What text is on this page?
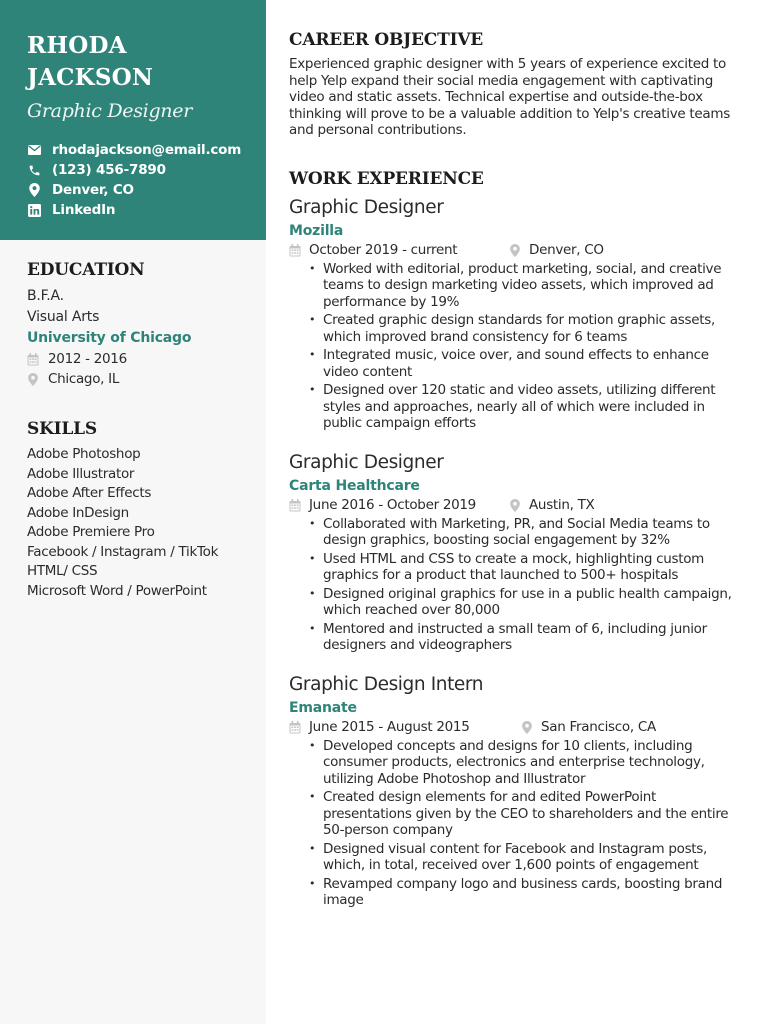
RHODA
JACKSON
Graphic Designer
rhodajackson@email.com
(123) 456-7890
Denver, CO
LinkedIn
EDUCATION
B.F.A.
Visual Arts
University of Chicago
2012 - 2016
Chicago, IL
SKILLS
Adobe Photoshop
Adobe Illustrator
Adobe After Effects
Adobe InDesign
Adobe Premiere Pro
Facebook / Instagram / TikTok
HTML/ CSS
Microsoft Word / PowerPoint
CAREER OBJECTIVE
Experienced graphic designer with 5 years of experience excited to help Yelp expand their social media engagement with captivating video and static assets. Technical expertise and outside-the-box thinking will prove to be a valuable addition to Yelp's creative teams and personal contributions.
WORK EXPERIENCE
Graphic Designer
Mozilla
October 2019 - current	Denver, CO
• Worked with editorial, product marketing, social, and creative teams to design marketing video assets, which improved ad performance by 19%
• Created graphic design standards for motion graphic assets, which improved brand consistency for 6 teams
• Integrated music, voice over, and sound effects to enhance video content
• Designed over 120 static and video assets, utilizing different styles and approaches, nearly all of which were included in public campaign efforts
Graphic Designer
Carta Healthcare
June 2016 - October 2019	Austin, TX
• Collaborated with Marketing, PR, and Social Media teams to design graphics, boosting social engagement by 32%
• Used HTML and CSS to create a mock, highlighting custom graphics for a product that launched to 500+ hospitals
• Designed original graphics for use in a public health campaign, which reached over 80,000
• Mentored and instructed a small team of 6, including junior designers and videographers
Graphic Design Intern
Emanate
June 2015 - August 2015	San Francisco, CA
• Developed concepts and designs for 10 clients, including consumer products, electronics and enterprise technology, utilizing Adobe Photoshop and Illustrator
• Created design elements for and edited PowerPoint presentations given by the CEO to shareholders and the entire 50-person company
• Designed visual content for Facebook and Instagram posts, which, in total, received over 1,600 points of engagement
• Revamped company logo and business cards, boosting brand image
